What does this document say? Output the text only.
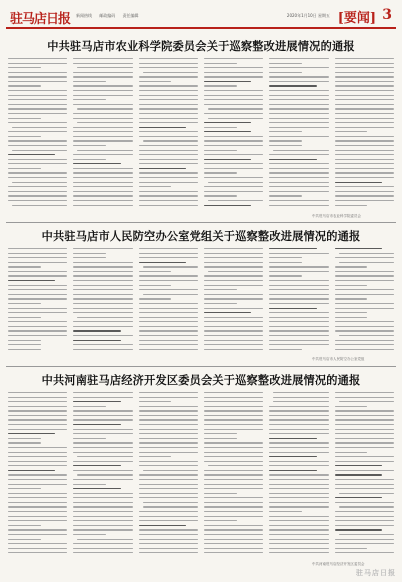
驻马店日报 新闻热线 邮政编码 责任编辑	2020年1月10日 星期五 [要闻] 3
中共驻马店市农业科学院委员会关于巡察整改进展情况的通报
中共驻马店市农业科学院委员会
中共驻马店市人民防空办公室党组关于巡察整改进展情况的通报
中共驻马店市人民防空办公室党组
中共河南驻马店经济开发区委员会关于巡察整改进展情况的通报
中共河南驻马店经济开发区委员会
驻马店日报
